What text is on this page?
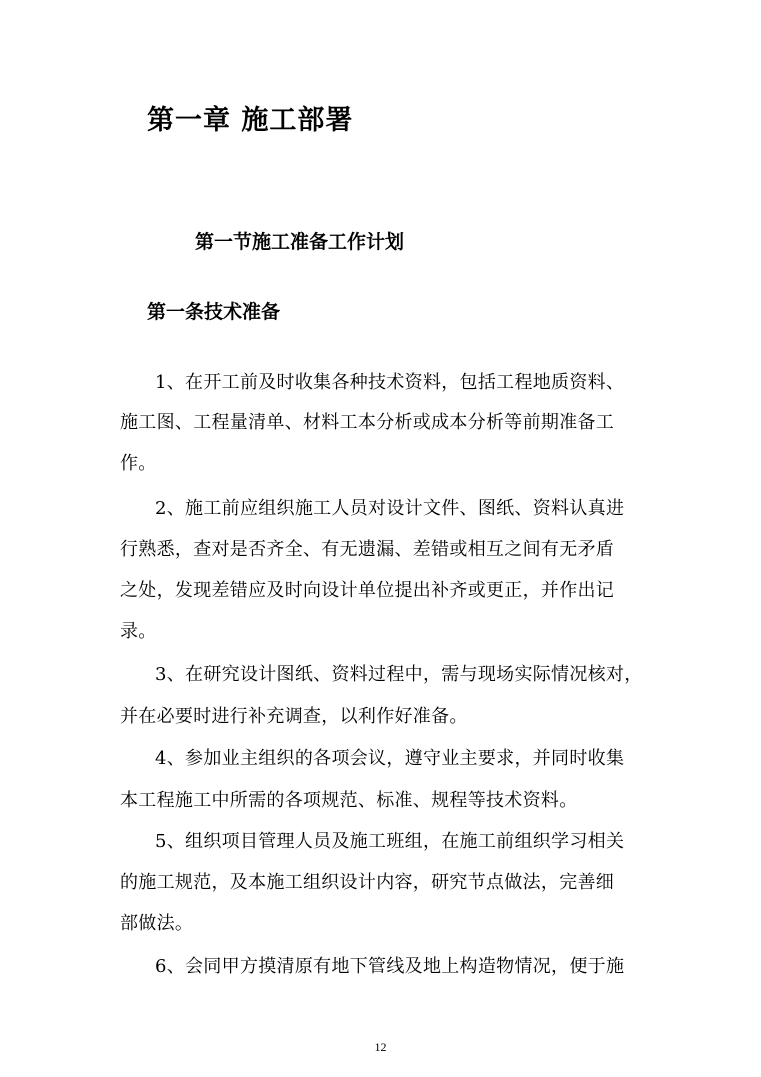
第一章 施工部署
第一节施工准备工作计划
第一条技术准备
1、在开工前及时收集各种技术资料，包括工程地质资料、
施工图、工程量清单、材料工本分析或成本分析等前期准备工
作。
2、施工前应组织施工人员对设计文件、图纸、资料认真进
行熟悉，查对是否齐全、有无遗漏、差错或相互之间有无矛盾
之处，发现差错应及时向设计单位提出补齐或更正，并作出记
录。
3、在研究设计图纸、资料过程中，需与现场实际情况核对，
并在必要时进行补充调查，以利作好准备。
4、参加业主组织的各项会议，遵守业主要求，并同时收集
本工程施工中所需的各项规范、标准、规程等技术资料。
5、组织项目管理人员及施工班组，在施工前组织学习相关
的施工规范，及本施工组织设计内容，研究节点做法，完善细
部做法。
6、会同甲方摸清原有地下管线及地上构造物情况，便于施
12
